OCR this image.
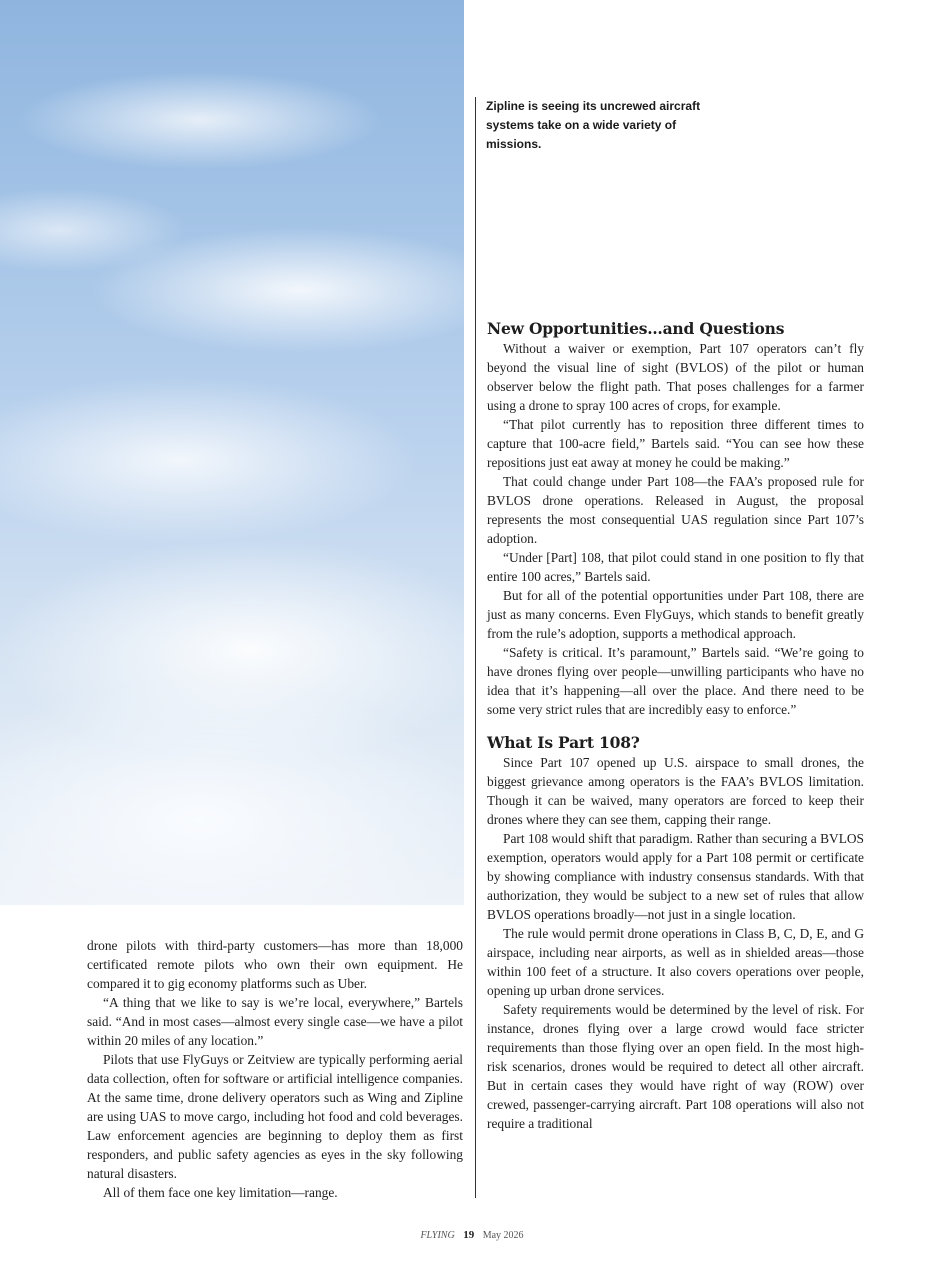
Zipline is seeing its uncrewed aircraft systems take on a wide variety of missions.

drone pilots with third-party customers—has more than 18,000 certificated remote pilots who own their own equipment. He compared it to gig economy platforms such as Uber.

“A thing that we like to say is we’re local, everywhere,” Bartels said. “And in most cases—almost every single case—we have a pilot within 20 miles of any location.”

Pilots that use FlyGuys or Zeitview are typically performing aerial data collection, often for software or artificial intelligence companies. At the same time, drone delivery operators such as Wing and Zipline are using UAS to move cargo, including hot food and cold beverages. Law enforcement agencies are beginning to deploy them as first responders, and public safety agencies as eyes in the sky following natural disasters.

All of them face one key limitation—range.

New Opportunities…and Questions

Without a waiver or exemption, Part 107 operators can’t fly beyond the visual line of sight (BVLOS) of the pilot or human observer below the flight path. That poses challenges for a farmer using a drone to spray 100 acres of crops, for example.

“That pilot currently has to reposition three different times to capture that 100-acre field,” Bartels said. “You can see how these repositions just eat away at money he could be making.”

That could change under Part 108—the FAA’s proposed rule for BVLOS drone operations. Released in August, the proposal represents the most consequential UAS regulation since Part 107’s adoption.

“Under [Part] 108, that pilot could stand in one position to fly that entire 100 acres,” Bartels said.

But for all of the potential opportunities under Part 108, there are just as many concerns. Even FlyGuys, which stands to benefit greatly from the rule’s adoption, supports a methodical approach.

“Safety is critical. It’s paramount,” Bartels said. “We’re going to have drones flying over people—unwilling participants who have no idea that it’s happening—all over the place. And there need to be some very strict rules that are incredibly easy to enforce.”

What Is Part 108?

Since Part 107 opened up U.S. airspace to small drones, the biggest grievance among operators is the FAA’s BVLOS limitation. Though it can be waived, many operators are forced to keep their drones where they can see them, capping their range.

Part 108 would shift that paradigm. Rather than securing a BVLOS exemption, operators would apply for a Part 108 permit or certificate by showing compliance with industry consensus standards. With that authorization, they would be subject to a new set of rules that allow BVLOS operations broadly—not just in a single location.

The rule would permit drone operations in Class B, C, D, E, and G airspace, including near airports, as well as in shielded areas—those within 100 feet of a structure. It also covers operations over people, opening up urban drone services.

Safety requirements would be determined by the level of risk. For instance, drones flying over a large crowd would face stricter requirements than those flying over an open field. In the most high-risk scenarios, drones would be required to detect all other aircraft. But in certain cases they would have right of way (ROW) over crewed, passenger-carrying aircraft. Part 108 operations will also not require a traditional

FLYING 19 May 2026
